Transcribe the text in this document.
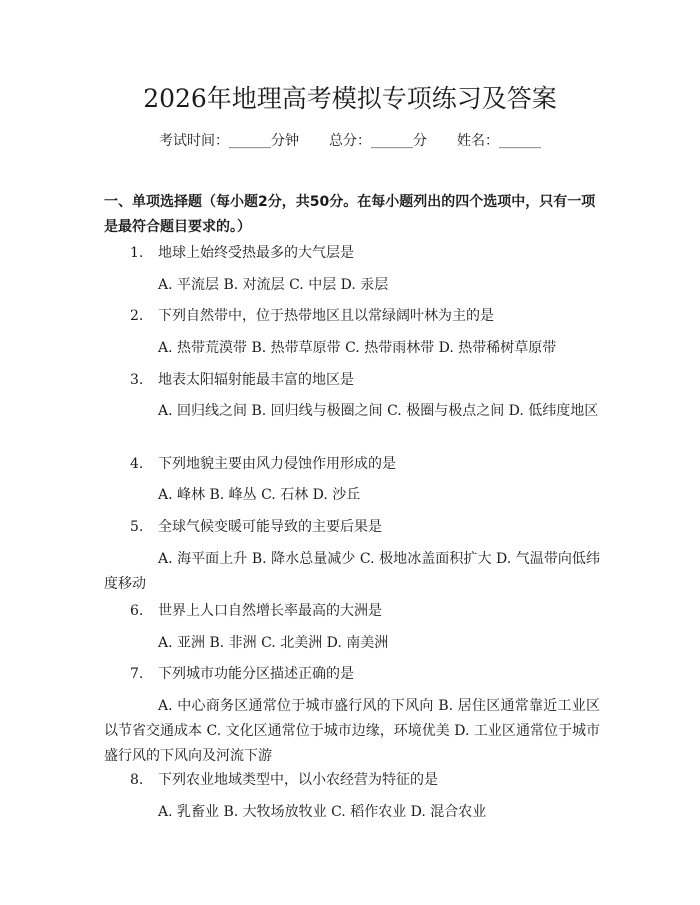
2026年地理高考模拟专项练习及答案
考试时间：______分钟 总分：______分 姓名：______
一、单项选择题（每小题2分，共50分。在每小题列出的四个选项中，只有一项是最符合题目要求的。）
1. 地球上始终受热最多的大气层是
A. 平流层 B. 对流层 C. 中层 D. 汞层
2. 下列自然带中，位于热带地区且以常绿阔叶林为主的是
A. 热带荒漠带 B. 热带草原带 C. 热带雨林带 D. 热带稀树草原带
3. 地表太阳辐射能最丰富的地区是
A. 回归线之间 B. 回归线与极圈之间 C. 极圈与极点之间 D. 低纬度地区
4. 下列地貌主要由风力侵蚀作用形成的是
A. 峰林 B. 峰丛 C. 石林 D. 沙丘
5. 全球气候变暖可能导致的主要后果是
A. 海平面上升 B. 降水总量减少 C. 极地冰盖面积扩大 D. 气温带向低纬度移动
6. 世界上人口自然增长率最高的大洲是
A. 亚洲 B. 非洲 C. 北美洲 D. 南美洲
7. 下列城市功能分区描述正确的是
A. 中心商务区通常位于城市盛行风的下风向 B. 居住区通常靠近工业区以节省交通成本 C. 文化区通常位于城市边缘，环境优美 D. 工业区通常位于城市盛行风的下风向及河流下游
8. 下列农业地域类型中，以小农经营为特征的是
A. 乳畜业 B. 大牧场放牧业 C. 稻作农业 D. 混合农业
